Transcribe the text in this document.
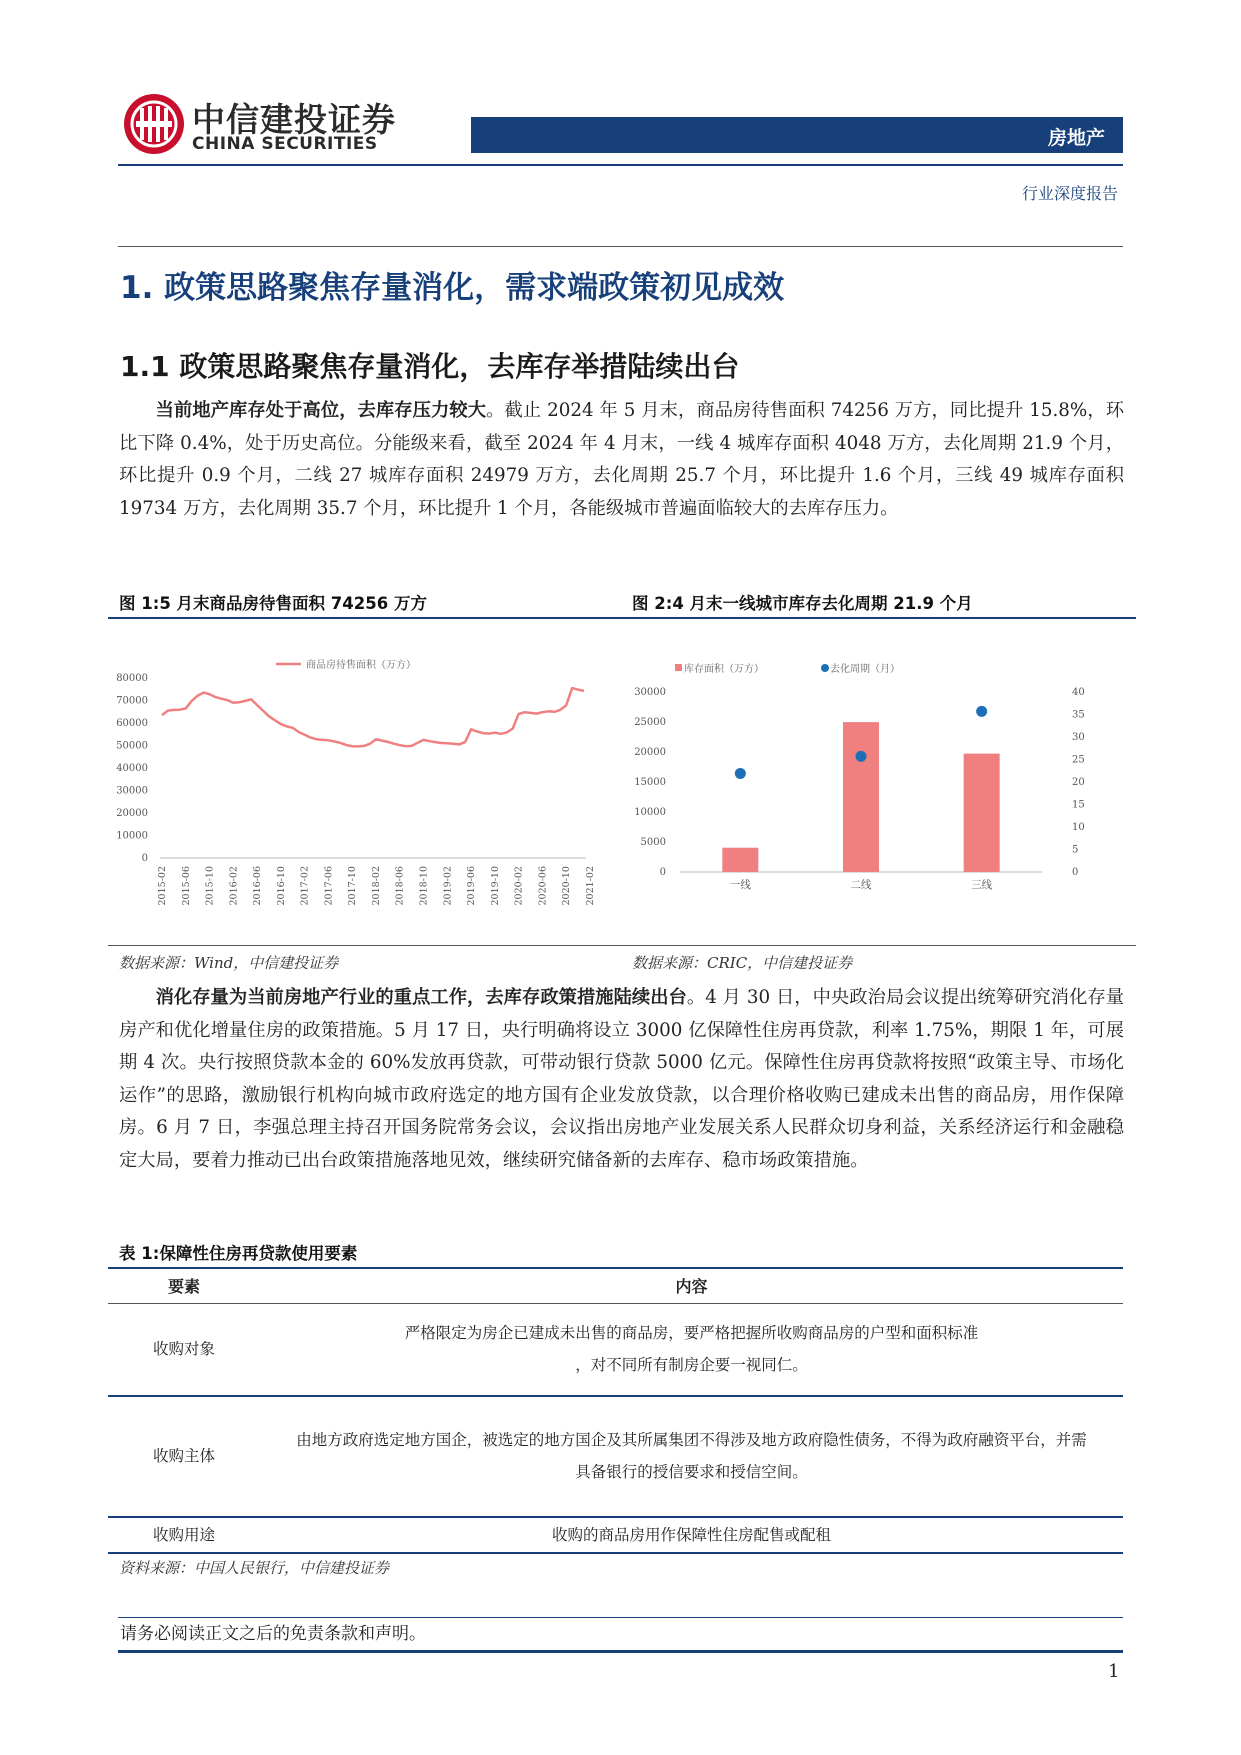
中信建投证券
CHINA SECURITIES	房地产
行业深度报告
1. 政策思路聚焦存量消化，需求端政策初见成效
1.1 政策思路聚焦存量消化，去库存举措陆续出台

当前地产库存处于高位，去库存压力较大。截止 2024 年 5 月末，商品房待售面积 74256 万方，同比提升 15.8%，环比下降 0.4%，处于历史高位。分能级来看，截至 2024 年 4 月末，一线 4 城库存面积 4048 万方，去化周期 21.9 个月，环比提升 0.9 个月，二线 27 城库存面积 24979 万方，去化周期 25.7 个月，环比提升 1.6 个月，三线 49 城库存面积 19734 万方，去化周期 35.7 个月，环比提升 1 个月，各能级城市普遍面临较大的去库存压力。

图 1:5 月末商品房待售面积 74256 万方	图 2:4 月末一线城市库存去化周期 21.9 个月
商品房待售面积（万方）
80000
70000
60000
50000
40000
30000
20000
10000
0
2015-02 2015-06 2015-10 2016-02 2016-06 2016-10 2017-02 2017-06 2017-10 2018-02 2018-06 2018-10 2019-02 2019-06 2019-10 2020-02 2020-06 2020-10 2021-02
库存面积（万方）	去化周期（月）
30000
25000
20000
15000
10000
5000
0
40
35
30
25
20
15
10
5
0
一线	二线	三线
数据来源：Wind，中信建投证券	数据来源：CRIC，中信建投证券

消化存量为当前房地产行业的重点工作，去库存政策措施陆续出台。4 月 30 日，中央政治局会议提出统筹研究消化存量房产和优化增量住房的政策措施。5 月 17 日，央行明确将设立 3000 亿保障性住房再贷款，利率 1.75%，期限 1 年，可展期 4 次。央行按照贷款本金的 60%发放再贷款，可带动银行贷款 5000 亿元。保障性住房再贷款将按照“政策主导、市场化运作”的思路，激励银行机构向城市政府选定的地方国有企业发放贷款，以合理价格收购已建成未出售的商品房，用作保障房。6 月 7 日，李强总理主持召开国务院常务会议，会议指出房地产业发展关系人民群众切身利益，关系经济运行和金融稳定大局，要着力推动已出台政策措施落地见效，继续研究储备新的去库存、稳市场政策措施。

表 1:保障性住房再贷款使用要素
要素	内容
收购对象	严格限定为房企已建成未出售的商品房，要严格把握所收购商品房的户型和面积标准
，对不同所有制房企要一视同仁。

收购主体	由地方政府选定地方国企，被选定的地方国企及其所属集团不得涉及地方政府隐性债务，不得为政府融资平台，并需
具备银行的授信要求和授信空间。

收购用途	收购的商品房用作保障性住房配售或配租
资料来源：中国人民银行，中信建投证券
请务必阅读正文之后的免责条款和声明。
1
